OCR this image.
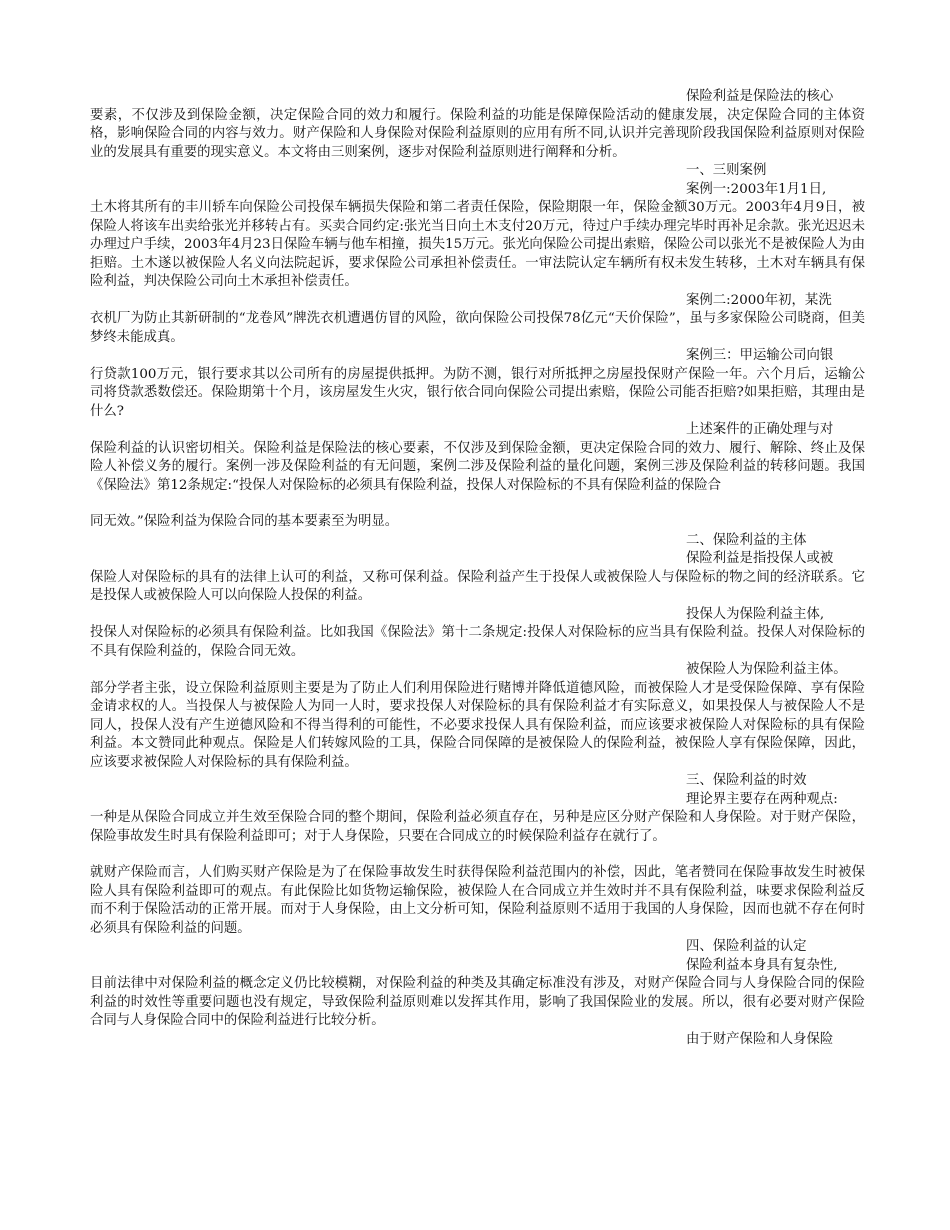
保险利益是保险法的核心
要素，不仅涉及到保险金额，决定保险合同的效力和履行。保险利益的功能是保障保险活动的健康发展，决定保险合同的主体资格，影响保险合同的内容与效力。财产保险和人身保险对保险利益原则的应用有所不同,认识并完善现阶段我国保险利益原则对保险业的发展具有重要的现实意义。本文将由三则案例，逐步对保险利益原则进行阐释和分析。
一、三则案例
案例一:2003年1月1日,
土木将其所有的丰川轿车向保险公司投保车辆损失保险和第二者责任保险，保险期限一年，保险金额30万元。2003年4月9日，被保险人将该车出卖给张光并移转占有。买卖合同约定:张光当日向土木支付20万元，待过户手续办理完毕时再补足余款。张光迟迟未办理过户手续，2003年4月23日保险车辆与他车相撞，损失15万元。张光向保险公司提出索赔，保险公司以张光不是被保险人为由拒赔。土木遂以被保险人名义向法院起诉，要求保险公司承担补偿责任。一审法院认定车辆所有权未发生转移，土木对车辆具有保险利益，判决保险公司向土木承担补偿责任。
案例二:2000年初，某洗
衣机厂为防止其新研制的“龙卷风”牌洗衣机遭遇仿冒的风险，欲向保险公司投保78亿元“天价保险”，虽与多家保险公司晓商，但美梦终未能成真。
案例三：甲运输公司向银
行贷款100万元，银行要求其以公司所有的房屋提供抵押。为防不测，银行对所抵押之房屋投保财产保险一年。六个月后，运输公司将贷款悉数偿还。保险期第十个月，该房屋发生火灾，银行依合同向保险公司提出索赔，保险公司能否拒赔?如果拒赔，其理由是什么?
上述案件的正确处理与对
保险利益的认识密切相关。保险利益是保险法的核心要素，不仅涉及到保险金额，更决定保险合同的效力、履行、解除、终止及保险人补偿义务的履行。案例一涉及保险利益的有无问题，案例二涉及保险利益的量化问题，案例三涉及保险利益的转移问题。我国《保险法》第12条规定:“投保人对保险标的必须具有保险利益，投保人对保险标的不具有保险利益的保险合
同无效。”保险利益为保险合同的基本要素至为明显。
二、保险利益的主体
保险利益是指投保人或被
保险人对保险标的具有的法律上认可的利益，又称可保利益。保险利益产生于投保人或被保险人与保险标的物之间的经济联系。它是投保人或被保险人可以向保险人投保的利益。
投保人为保险利益主体,
投保人对保险标的必须具有保险利益。比如我国《保险法》第十二条规定:投保人对保险标的应当具有保险利益。投保人对保险标的不具有保险利益的，保险合同无效。
被保险人为保险利益主体。
部分学者主张，设立保险利益原则主要是为了防止人们利用保险进行赌博并降低道德风险，而被保险人才是受保险保障、享有保险金请求权的人。当投保人与被保险人为同一人时，要求投保人对保险标的具有保险利益才有实际意义，如果投保人与被保险人不是同人，投保人没有产生逆德风险和不得当得利的可能性，不必要求投保人具有保险利益，而应该要求被保险人对保险标的具有保险利益。本文赞同此种观点。保险是人们转嫁风险的工具，保险合同保障的是被保险人的保险利益，被保险人享有保险保障，因此，应该要求被保险人对保险标的具有保险利益。
三、保险利益的时效
理论界主要存在两种观点:
一种是从保险合同成立并生效至保险合同的整个期间，保险利益必须直存在，另种是应区分财产保险和人身保险。对于财产保险，保险事故发生时具有保险利益即可；对于人身保险，只要在合同成立的时候保险利益存在就行了。
就财产保险而言，人们购买财产保险是为了在保险事故发生时获得保险利益范围内的补偿，因此，笔者赞同在保险事故发生时被保险人具有保险利益即可的观点。有此保险比如货物运输保险，被保险人在合同成立并生效时并不具有保险利益，味要求保险利益反而不利于保险活动的正常开展。而对于人身保险，由上文分析可知，保险利益原则不适用于我国的人身保险，因而也就不存在何时必须具有保险利益的问题。
四、保险利益的认定
保险利益本身具有复杂性,
目前法律中对保险利益的概念定义仍比较模糊，对保险利益的种类及其确定标准没有涉及，对财产保险合同与人身保险合同的保险利益的时效性等重要问题也没有规定，导致保险利益原则难以发挥其作用，影响了我国保险业的发展。所以，很有必要对财产保险合同与人身保险合同中的保险利益进行比较分析。
由于财产保险和人身保险
